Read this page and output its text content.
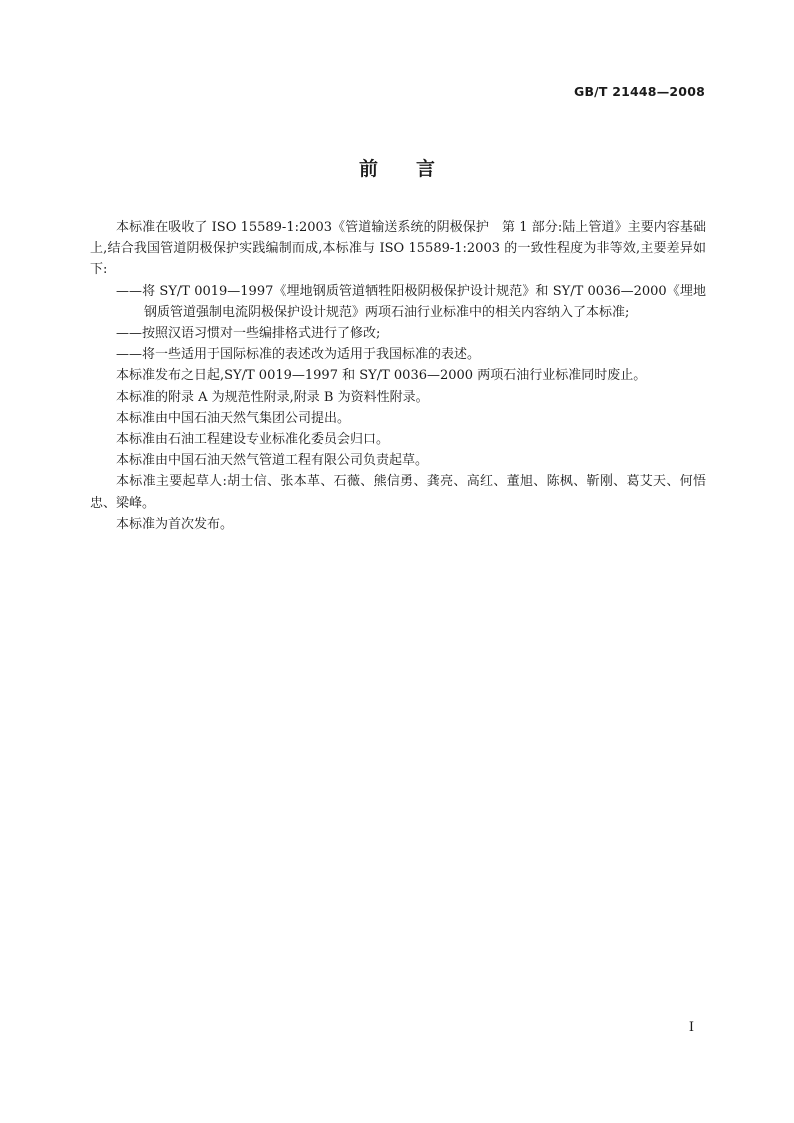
GB/T 21448—2008
前言

本标准在吸收了 ISO 15589-1:2003《管道输送系统的阴极保护　第 1 部分:陆上管道》主要内容基础上,结合我国管道阴极保护实践编制而成,本标准与 ISO 15589-1:2003 的一致性程度为非等效,主要差异如下:

——将 SY/T 0019—1997《埋地钢质管道牺牲阳极阴极保护设计规范》和 SY/T 0036—2000《埋地钢质管道强制电流阴极保护设计规范》两项石油行业标准中的相关内容纳入了本标准;

——按照汉语习惯对一些编排格式进行了修改;

——将一些适用于国际标准的表述改为适用于我国标准的表述。

本标准发布之日起,SY/T 0019—1997 和 SY/T 0036—2000 两项石油行业标准同时废止。

本标准的附录 A 为规范性附录,附录 B 为资料性附录。

本标准由中国石油天然气集团公司提出。

本标准由石油工程建设专业标准化委员会归口。

本标准由中国石油天然气管道工程有限公司负责起草。

本标准主要起草人:胡士信、张本革、石薇、熊信勇、龚亮、高红、董旭、陈枫、靳刚、葛艾天、何悟忠、梁峰。

本标准为首次发布。

I
